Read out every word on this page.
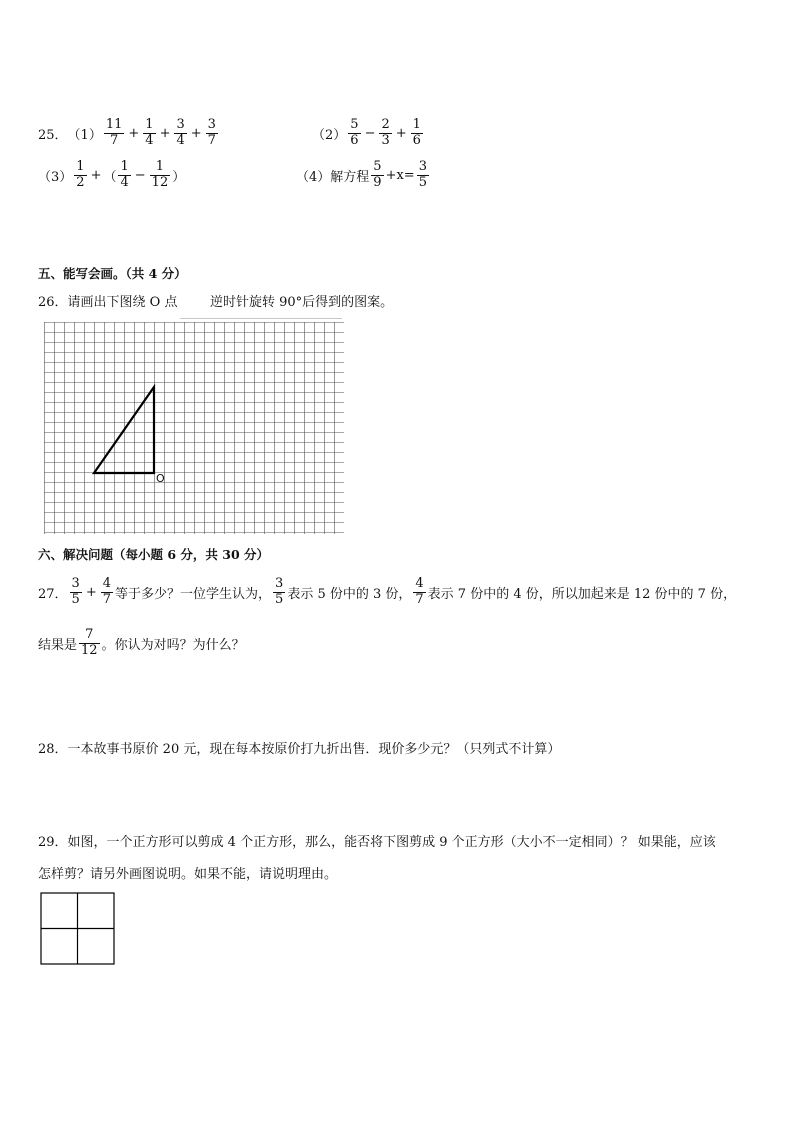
25． $(1) \frac{11}{7} + \frac{1}{4} + \frac{3}{4} + \frac{3}{7}$	$(2) \frac{5}{6} - \frac{2}{3} + \frac{1}{6}$
$(3) \frac{1}{2}$ + （ $\frac{1}{4} - \frac{1}{12}$ ）	（4）解方程 $\frac{5}{9} +x= \frac{3}{5}$
五、能写会画。（共 4 分）
26．请画出下图绕 O 点	逆时针旋转 90°后得到的图案。
O
六、解决问题（每小题 6 分，共 30 分）
27． $\frac{3}{5} + \frac{4}{7}$ 等于多少？一位学生认为， $\frac{3}{5}$ 表示 5 份中的 3 份， $\frac{4}{7}$ 表示 7 份中的 4 份，所以加起来是 12 份中的 7 份，
结果是 $\frac{7}{12}$ 。你认为对吗？为什么？
28．一本故事书原价 20 元，现在每本按原价打九折出售．现价多少元？（只列式不计算）
29．如图，一个正方形可以剪成 4 个正方形，那么，能否将下图剪成 9 个正方形（大小不一定相同）？ 如果能，应该
怎样剪？请另外画图说明。如果不能，请说明理由。
